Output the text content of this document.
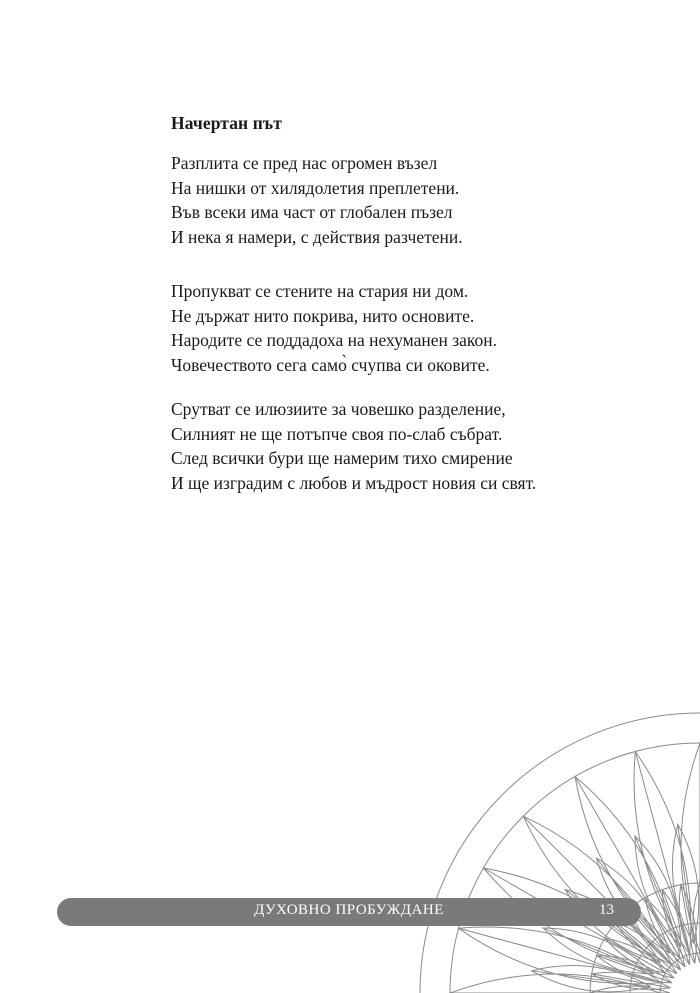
Начертан път
Разплита се пред нас огромен възел
На нишки от хилядолетия преплетени.
Във всеки има част от глобален пъзел
И нека я намери, с действия разчетени.
Пропукват се стените на стария ни дом.
Не държат нито покрива, нито основите.
Народите се поддадоха на нехуманен закон.
Човечеството сега само̀ счупва си оковите.
Срутват се илюзиите за човешко разделение,
Силният не ще потъпче своя по-слаб събрат.
След всички бури ще намерим тихо смирение
И ще изградим с любов и мъдрост новия си свят.
ДУХОВНО ПРОБУЖДАНЕ	13
